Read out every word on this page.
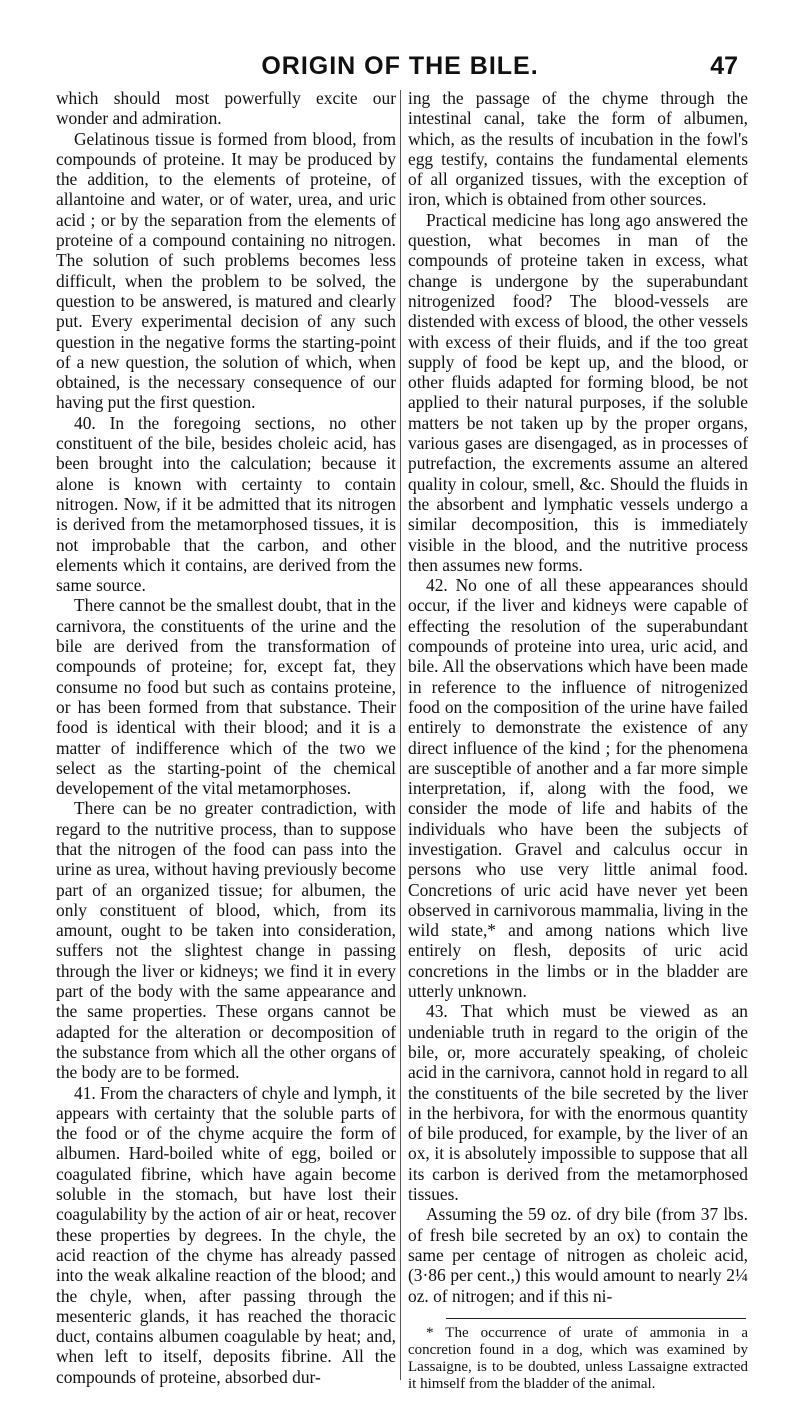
ORIGIN OF THE BILE.	47

which should most powerfully excite our wonder and admiration.

Gelatinous tissue is formed from blood, from compounds of proteine. It may be produced by the addition, to the elements of proteine, of allantoine and water, or of water, urea, and uric acid ; or by the separation from the elements of proteine of a compound containing no nitrogen. The solution of such problems becomes less difficult, when the problem to be solved, the question to be answered, is matured and clearly put. Every experimental decision of any such question in the negative forms the starting-point of a new question, the solution of which, when obtained, is the necessary consequence of our having put the first question.

40. In the foregoing sections, no other constituent of the bile, besides choleic acid, has been brought into the calculation; because it alone is known with certainty to contain nitrogen. Now, if it be admitted that its nitrogen is derived from the metamorphosed tissues, it is not improbable that the carbon, and other elements which it contains, are derived from the same source.

There cannot be the smallest doubt, that in the carnivora, the constituents of the urine and the bile are derived from the transformation of compounds of proteine; for, except fat, they consume no food but such as contains proteine, or has been formed from that substance. Their food is identical with their blood; and it is a matter of indifference which of the two we select as the starting-point of the chemical developement of the vital metamorphoses.

There can be no greater contradiction, with regard to the nutritive process, than to suppose that the nitrogen of the food can pass into the urine as urea, without having previously become part of an organized tissue; for albumen, the only constituent of blood, which, from its amount, ought to be taken into consideration, suffers not the slightest change in passing through the liver or kidneys; we find it in every part of the body with the same appearance and the same properties. These organs cannot be adapted for the alteration or decomposition of the substance from which all the other organs of the body are to be formed.

41. From the characters of chyle and lymph, it appears with certainty that the soluble parts of the food or of the chyme acquire the form of albumen. Hard-boiled white of egg, boiled or coagulated fibrine, which have again become soluble in the stomach, but have lost their coagulability by the action of air or heat, recover these properties by degrees. In the chyle, the acid reaction of the chyme has already passed into the weak alkaline reaction of the blood; and the chyle, when, after passing through the mesenteric glands, it has reached the thoracic duct, contains albumen coagulable by heat; and, when left to itself, deposits fibrine. All the compounds of proteine, absorbed dur-

ing the passage of the chyme through the intestinal canal, take the form of albumen, which, as the results of incubation in the fowl's egg testify, contains the fundamental elements of all organized tissues, with the exception of iron, which is obtained from other sources.

Practical medicine has long ago answered the question, what becomes in man of the compounds of proteine taken in excess, what change is undergone by the superabundant nitrogenized food? The blood-vessels are distended with excess of blood, the other vessels with excess of their fluids, and if the too great supply of food be kept up, and the blood, or other fluids adapted for forming blood, be not applied to their natural purposes, if the soluble matters be not taken up by the proper organs, various gases are disengaged, as in processes of putrefaction, the excrements assume an altered quality in colour, smell, &c. Should the fluids in the absorbent and lymphatic vessels undergo a similar decomposition, this is immediately visible in the blood, and the nutritive process then assumes new forms.

42. No one of all these appearances should occur, if the liver and kidneys were capable of effecting the resolution of the superabundant compounds of proteine into urea, uric acid, and bile. All the observations which have been made in reference to the influence of nitrogenized food on the composition of the urine have failed entirely to demonstrate the existence of any direct influence of the kind ; for the phenomena are susceptible of another and a far more simple interpretation, if, along with the food, we consider the mode of life and habits of the individuals who have been the subjects of investigation. Gravel and calculus occur in persons who use very little animal food. Concretions of uric acid have never yet been observed in carnivorous mammalia, living in the wild state,* and among nations which live entirely on flesh, deposits of uric acid concretions in the limbs or in the bladder are utterly unknown.

43. That which must be viewed as an undeniable truth in regard to the origin of the bile, or, more accurately speaking, of choleic acid in the carnivora, cannot hold in regard to all the constituents of the bile secreted by the liver in the herbivora, for with the enormous quantity of bile produced, for example, by the liver of an ox, it is absolutely impossible to suppose that all its carbon is derived from the metamorphosed tissues.

Assuming the 59 oz. of dry bile (from 37 lbs. of fresh bile secreted by an ox) to contain the same per centage of nitrogen as choleic acid, (3·86 per cent.,) this would amount to nearly 2¼ oz. of nitrogen; and if this ni-

* The occurrence of urate of ammonia in a concretion found in a dog, which was examined by Lassaigne, is to be doubted, unless Lassaigne extracted it himself from the bladder of the animal.
